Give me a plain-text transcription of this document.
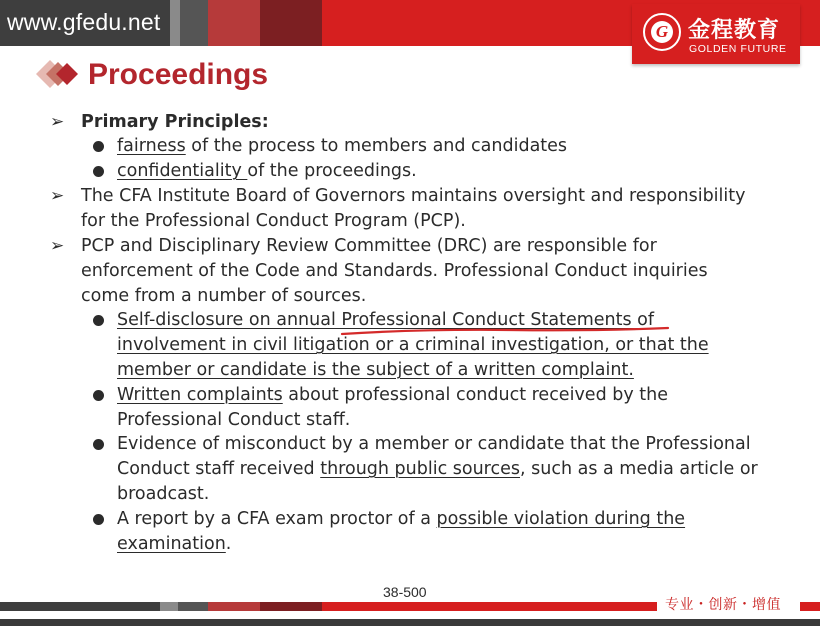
www.gfedu.net	G 金程教育
GOLDEN FUTURE
Proceedings
➢ Primary Principles:
fairness of the process to members and candidates
confidentiality of the proceedings.
➢ The CFA Institute Board of Governors maintains oversight and responsibility
for the Professional Conduct Program (PCP).
➢ PCP and Disciplinary Review Committee (DRC) are responsible for
enforcement of the Code and Standards. Professional Conduct inquiries
come from a number of sources.
Self-disclosure on annual Professional Conduct Statements of
involvement in civil litigation or a criminal investigation, or that the
member or candidate is the subject of a written complaint.
Written complaints about professional conduct received by the
Professional Conduct staff.
Evidence of misconduct by a member or candidate that the Professional
Conduct staff received through public sources, such as a media article or
broadcast.
A report by a CFA exam proctor of a possible violation during the
examination.
38-500
专业・创新・增值
